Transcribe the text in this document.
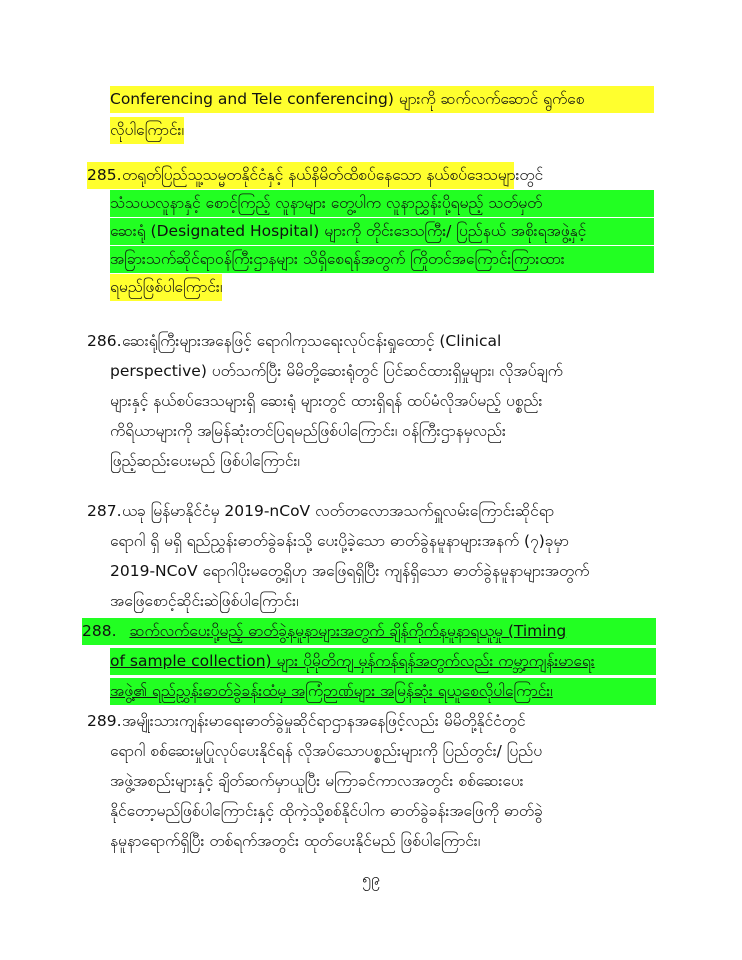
Conferencing and Tele conferencing) များကို ဆက်လက်ဆောင် ရွက်စေ
လိုပါကြောင်း၊
285. တရုတ်ပြည်သူ့သမ္မတနိုင်ငံနှင့် နယ်နိမိတ်ထိစပ်နေသော နယ်စပ်ဒေသများတွင်
သံသယလူနာနှင့် စောင့်ကြည့် လူနာများ တွေ့ပါက လူနာညွှန်းပို့ရမည့် သတ်မှတ်
ဆေးရုံ (Designated Hospital) များကို တိုင်းဒေသကြီး/ ပြည်နယ် အစိုးရအဖွဲ့နှင့်
အခြားသက်ဆိုင်ရာဝန်ကြီးဌာနများ သိရှိစေရန်အတွက် ကြိုတင်အကြောင်းကြားထား
ရမည်ဖြစ်ပါကြောင်း၊
286. ဆေးရုံကြီးများအနေဖြင့် ရောဂါကုသရေးလုပ်ငန်းရှုထောင့် (Clinical
perspective) ပတ်သက်ပြီး မိမိတို့ဆေးရုံတွင် ပြင်ဆင်ထားရှိမှုများ၊ လိုအပ်ချက်
များနှင့် နယ်စပ်ဒေသများရှိ ဆေးရုံ များတွင် ထားရှိရန် ထပ်မံလိုအပ်မည့် ပစ္စည်း
ကိရိယာများကို အမြန်ဆုံးတင်ပြရမည်ဖြစ်ပါကြောင်း၊ ဝန်ကြီးဌာနမှလည်း
ဖြည့်ဆည်းပေးမည် ဖြစ်ပါကြောင်း၊
287. ယခု မြန်မာနိုင်ငံမှ 2019-nCoV လတ်တလောအသက်ရှူလမ်းကြောင်းဆိုင်ရာ
ရောဂါ ရှိ မရှိ ရည်ညွှန်းဓာတ်ခွဲခန်းသို့ ပေးပို့ခဲ့သော ဓာတ်ခွဲနမူနာများအနက် (၇)ခုမှာ
2019-NCoV ရောဂါပိုးမတွေ့ရှိဟု အဖြေရရှိပြီး ကျန်ရှိသော ဓာတ်ခွဲနမူနာများအတွက်
အဖြေစောင့်ဆိုင်းဆဲဖြစ်ပါကြောင်း၊
288. ဆက်လက်ပေးပို့မည့် ဓာတ်ခွဲနမူနာများအတွက် ချိန်ကိုက်နမူနာရယူမှု (Timing
of sample collection) များ ပိုမိုတိကျ မှန်ကန်ရန်အတွက်လည်း ကမ္ဘာ့ကျန်းမာရေး
အဖွဲ့၏ ရည်ညွှန်းဓာတ်ခွဲခန်းထံမှ အကြံဉာဏ်များ အမြန်ဆုံး ရယူစေလိုပါကြောင်း၊
289. အမျိုးသားကျန်းမာရေးဓာတ်ခွဲမှုဆိုင်ရာဌာနအနေဖြင့်လည်း မိမိတို့နိုင်ငံတွင်
ရောဂါ စစ်ဆေးမှုပြုလုပ်ပေးနိုင်ရန် လိုအပ်သောပစ္စည်းများကို ပြည်တွင်း/ ပြည်ပ
အဖွဲ့အစည်းများနှင့် ချိတ်ဆက်မှာယူပြီး မကြာခင်ကာလအတွင်း စစ်ဆေးပေး
နိုင်တော့မည်ဖြစ်ပါကြောင်းနှင့် ထိုကဲ့သို့စစ်နိုင်ပါက ဓာတ်ခွဲခန်းအဖြေကို ဓာတ်ခွဲ
နမူနာရောက်ရှိပြီး တစ်ရက်အတွင်း ထုတ်ပေးနိုင်မည် ဖြစ်ပါကြောင်း၊
၅၉
